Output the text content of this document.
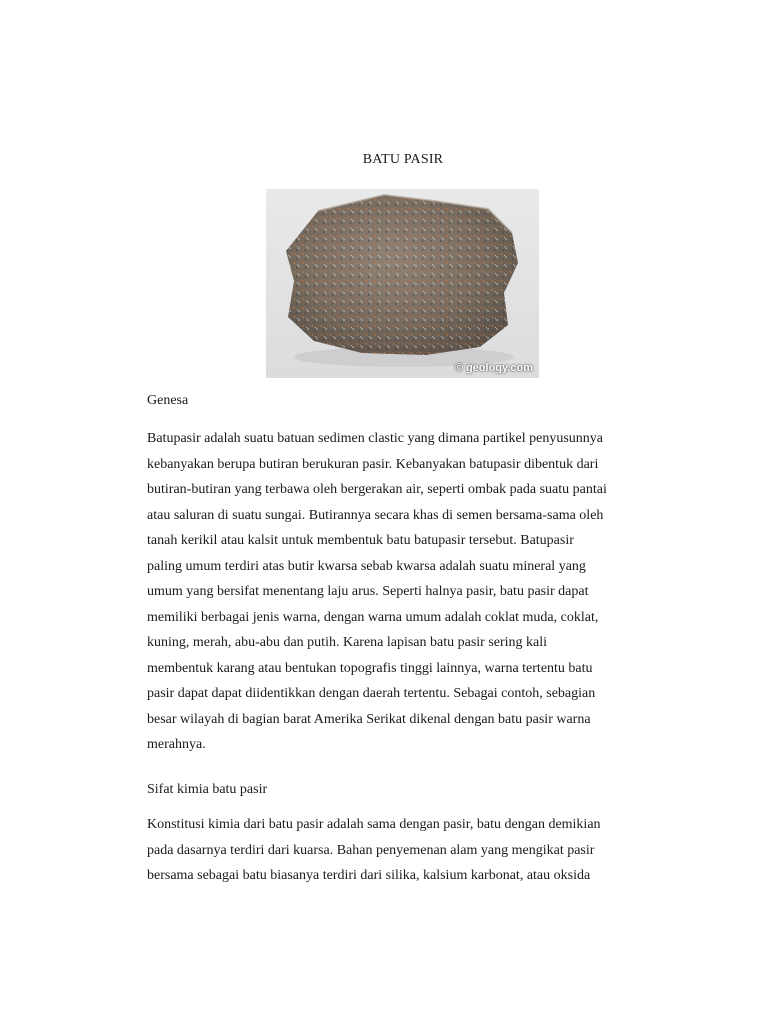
BATU PASIR
© geology.com
Genesa
Batupasir adalah suatu batuan sedimen clastic yang dimana partikel penyusunnya
kebanyakan berupa butiran berukuran pasir. Kebanyakan batupasir dibentuk dari
butiran-butiran yang terbawa oleh bergerakan air, seperti ombak pada suatu pantai
atau saluran di suatu sungai. Butirannya secara khas di semen bersama-sama oleh
tanah kerikil atau kalsit untuk membentuk batu batupasir tersebut. Batupasir
paling umum terdiri atas butir kwarsa sebab kwarsa adalah suatu mineral yang
umum yang bersifat menentang laju arus. Seperti halnya pasir, batu pasir dapat
memiliki berbagai jenis warna, dengan warna umum adalah coklat muda, coklat,
kuning, merah, abu-abu dan putih. Karena lapisan batu pasir sering kali
membentuk karang atau bentukan topografis tinggi lainnya, warna tertentu batu
pasir dapat dapat diidentikkan dengan daerah tertentu. Sebagai contoh, sebagian
besar wilayah di bagian barat Amerika Serikat dikenal dengan batu pasir warna
merahnya.
Sifat kimia batu pasir
Konstitusi kimia dari batu pasir adalah sama dengan pasir, batu dengan demikian
pada dasarnya terdiri dari kuarsa. Bahan penyemenan alam yang mengikat pasir
bersama sebagai batu biasanya terdiri dari silika, kalsium karbonat, atau oksida
